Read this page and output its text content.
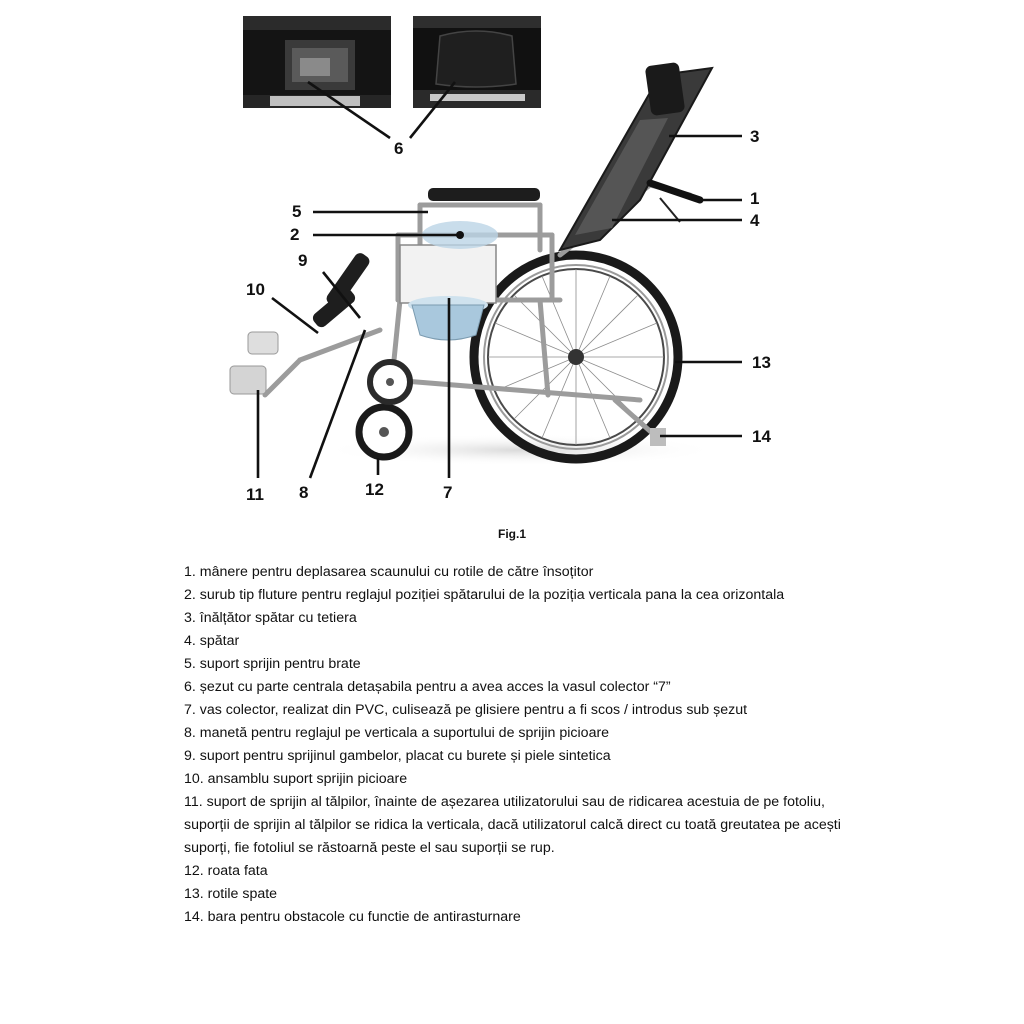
1
2
3
4
5
6
7
8
9
10
11	12
13
14
Fig.1
1. mânere pentru deplasarea scaunului cu rotile de către însoțitor
2. surub tip fluture pentru reglajul poziției spătarului de la poziția verticala pana la cea orizontala
3. înălțător spătar cu tetiera
4. spătar
5. suport sprijin pentru brate
6. șezut cu parte centrala detașabila pentru a avea acces la vasul colector “7”
7. vas colector, realizat din PVC, culisează pe glisiere pentru a fi scos / introdus sub șezut
8. manetă pentru reglajul pe verticala a suportului de sprijin picioare
9. suport pentru sprijinul gambelor, placat cu burete și piele sintetica
10. ansamblu suport sprijin picioare
11. suport de sprijin al tălpilor, înainte de așezarea utilizatorului sau de ridicarea acestuia de pe fotoliu, suporții de sprijin al tălpilor se ridica la verticala, dacă utilizatorul calcă direct cu toată greutatea pe acești suporți, fie fotoliul se răstoarnă peste el sau suporții se rup.
12. roata fata
13. rotile spate
14. bara pentru obstacole cu functie de antirasturnare
